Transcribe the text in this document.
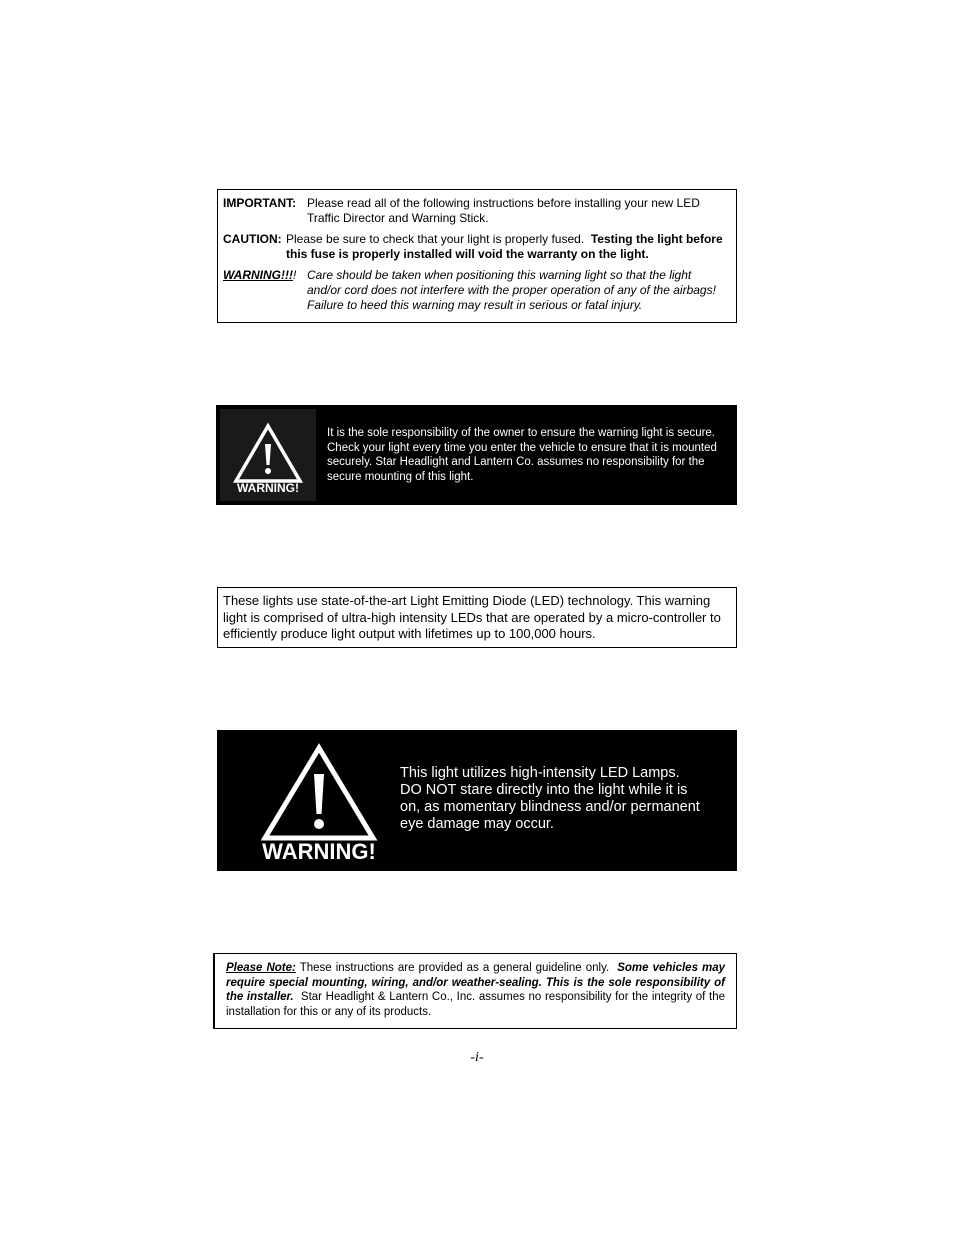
IMPORTANT: Please read all of the following instructions before installing your new LED Traffic Director and Warning Stick.
CAUTION: Please be sure to check that your light is properly fused. Testing the light before this fuse is properly installed will void the warranty on the light.
WARNING!!!! Care should be taken when positioning this warning light so that the light and/or cord does not interfere with the proper operation of any of the airbags! Failure to heed this warning may result in serious or fatal injury.
WARNING!
It is the sole responsibility of the owner to ensure the warning light is secure. Check your light every time you enter the vehicle to ensure that it is mounted securely. Star Headlight and Lantern Co. assumes no responsibility for the secure mounting of this light.
These lights use state-of-the-art Light Emitting Diode (LED) technology. This warning light is comprised of ultra-high intensity LEDs that are operated by a micro-controller to efficiently produce light output with lifetimes up to 100,000 hours.
WARNING!
This light utilizes high-intensity LED Lamps. DO NOT stare directly into the light while it is on, as momentary blindness and/or permanent eye damage may occur.
Please Note: These instructions are provided as a general guideline only. Some vehicles may require special mounting, wiring, and/or weather-sealing. This is the sole responsibility of the installer. Star Headlight & Lantern Co., Inc. assumes no responsibility for the integrity of the installation for this or any of its products.
-i-
